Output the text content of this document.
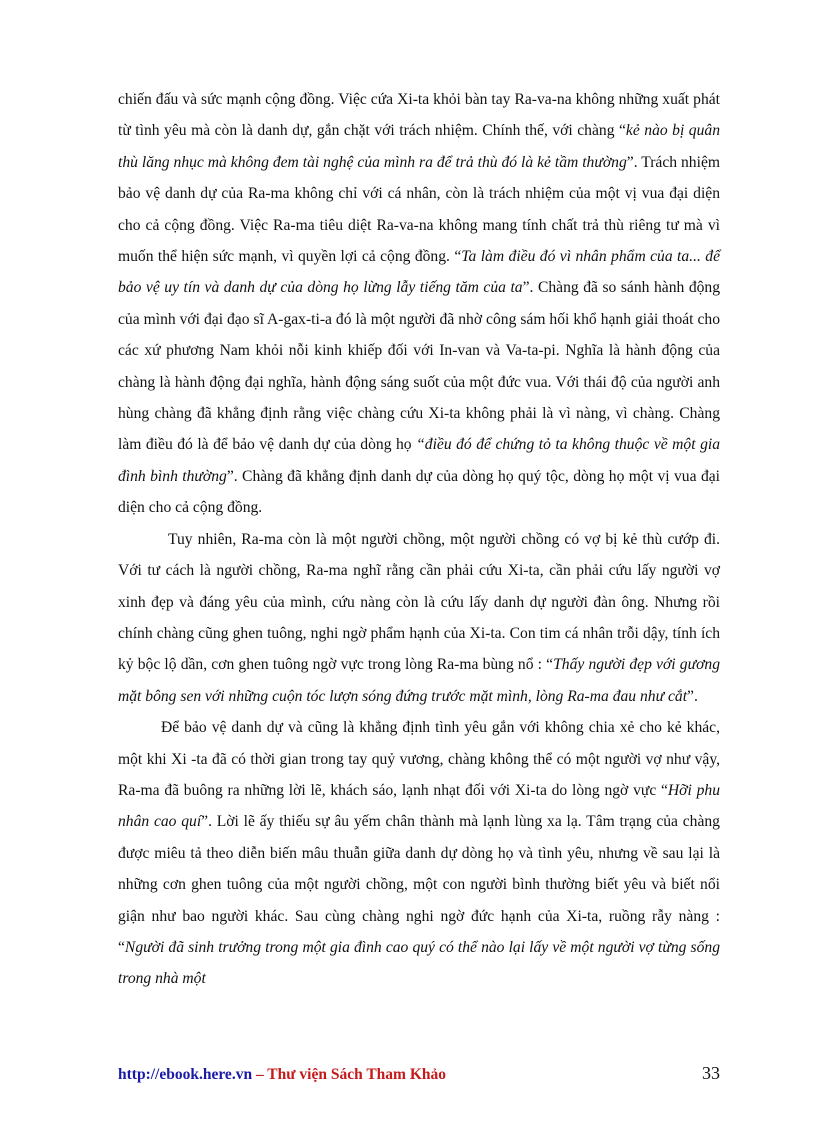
chiến đấu và sức mạnh cộng đồng. Việc cứa Xi-ta khỏi bàn tay Ra-va-na không những xuất phát từ tình yêu mà còn là danh dự, gắn chặt với trách nhiệm. Chính thế, với chàng “kẻ nào bị quân thù lăng nhục mà không đem tài nghệ của mình ra để trả thù đó là kẻ tầm thường”. Trách nhiệm bảo vệ danh dự của Ra-ma không chỉ với cá nhân, còn là trách nhiệm của một vị vua đại diện cho cả cộng đồng. Việc Ra-ma tiêu diệt Ra-va-na không mang tính chất trả thù riêng tư mà vì muốn thể hiện sức mạnh, vì quyền lợi cả cộng đồng. “Ta làm điều đó vì nhân phẩm của ta... để bảo vệ uy tín và danh dự của dòng họ lừng lẫy tiếng tăm của ta”. Chàng đã so sánh hành động của mình với đại đạo sĩ A-gax-ti-a đó là một người đã nhờ công sám hối khổ hạnh giải thoát cho các xứ phương Nam khỏi nỗi kinh khiếp đối với In-van và Va-ta-pi. Nghĩa là hành động của chàng là hành động đại nghĩa, hành động sáng suốt của một đức vua. Với thái độ của người anh hùng chàng đã khẳng định rằng việc chàng cứu Xi-ta không phải là vì nàng, vì chàng. Chàng làm điều đó là để bảo vệ danh dự của dòng họ “điều đó để chứng tỏ ta không thuộc về một gia đình bình thường”. Chàng đã khẳng định danh dự của dòng họ quý tộc, dòng họ một vị vua đại diện cho cả cộng đồng.

Tuy nhiên, Ra-ma còn là một người chồng, một người chồng có vợ bị kẻ thù cướp đi. Với tư cách là người chồng, Ra-ma nghĩ rằng cần phải cứu Xi-ta, cần phải cứu lấy người vợ xinh đẹp và đáng yêu của mình, cứu nàng còn là cứu lấy danh dự người đàn ông. Nhưng rồi chính chàng cũng ghen tuông, nghi ngờ phẩm hạnh của Xi-ta. Con tim cá nhân trỗi dậy, tính ích kỷ bộc lộ dần, cơn ghen tuông ngờ vực trong lòng Ra-ma bùng nổ : “Thấy người đẹp với gương mặt bông sen với những cuộn tóc lượn sóng đứng trước mặt mình, lòng Ra-ma đau như cắt”.

Để bảo vệ danh dự và cũng là khẳng định tình yêu gắn với không chia xẻ cho kẻ khác, một khi Xi -ta đã có thời gian trong tay quỷ vương, chàng không thể có một người vợ như vậy, Ra-ma đã buông ra những lời lẽ, khách sáo, lạnh nhạt đối với Xi-ta do lòng ngờ vực “Hỡi phu nhân cao quí”. Lời lẽ ấy thiếu sự âu yếm chân thành mà lạnh lùng xa lạ. Tâm trạng của chàng được miêu tả theo diễn biến mâu thuẫn giữa danh dự dòng họ và tình yêu, nhưng về sau lại là những cơn ghen tuông của một người chồng, một con người bình thường biết yêu và biết nổi giận như bao người khác. Sau cùng chàng nghi ngờ đức hạnh của Xi-ta, ruồng rẫy nàng : “Người đã sinh trưởng trong một gia đình cao quý có thể nào lại lấy về một người vợ từng sống trong nhà một

http://ebook.here.vn – Thư viện Sách Tham Khảo	33
